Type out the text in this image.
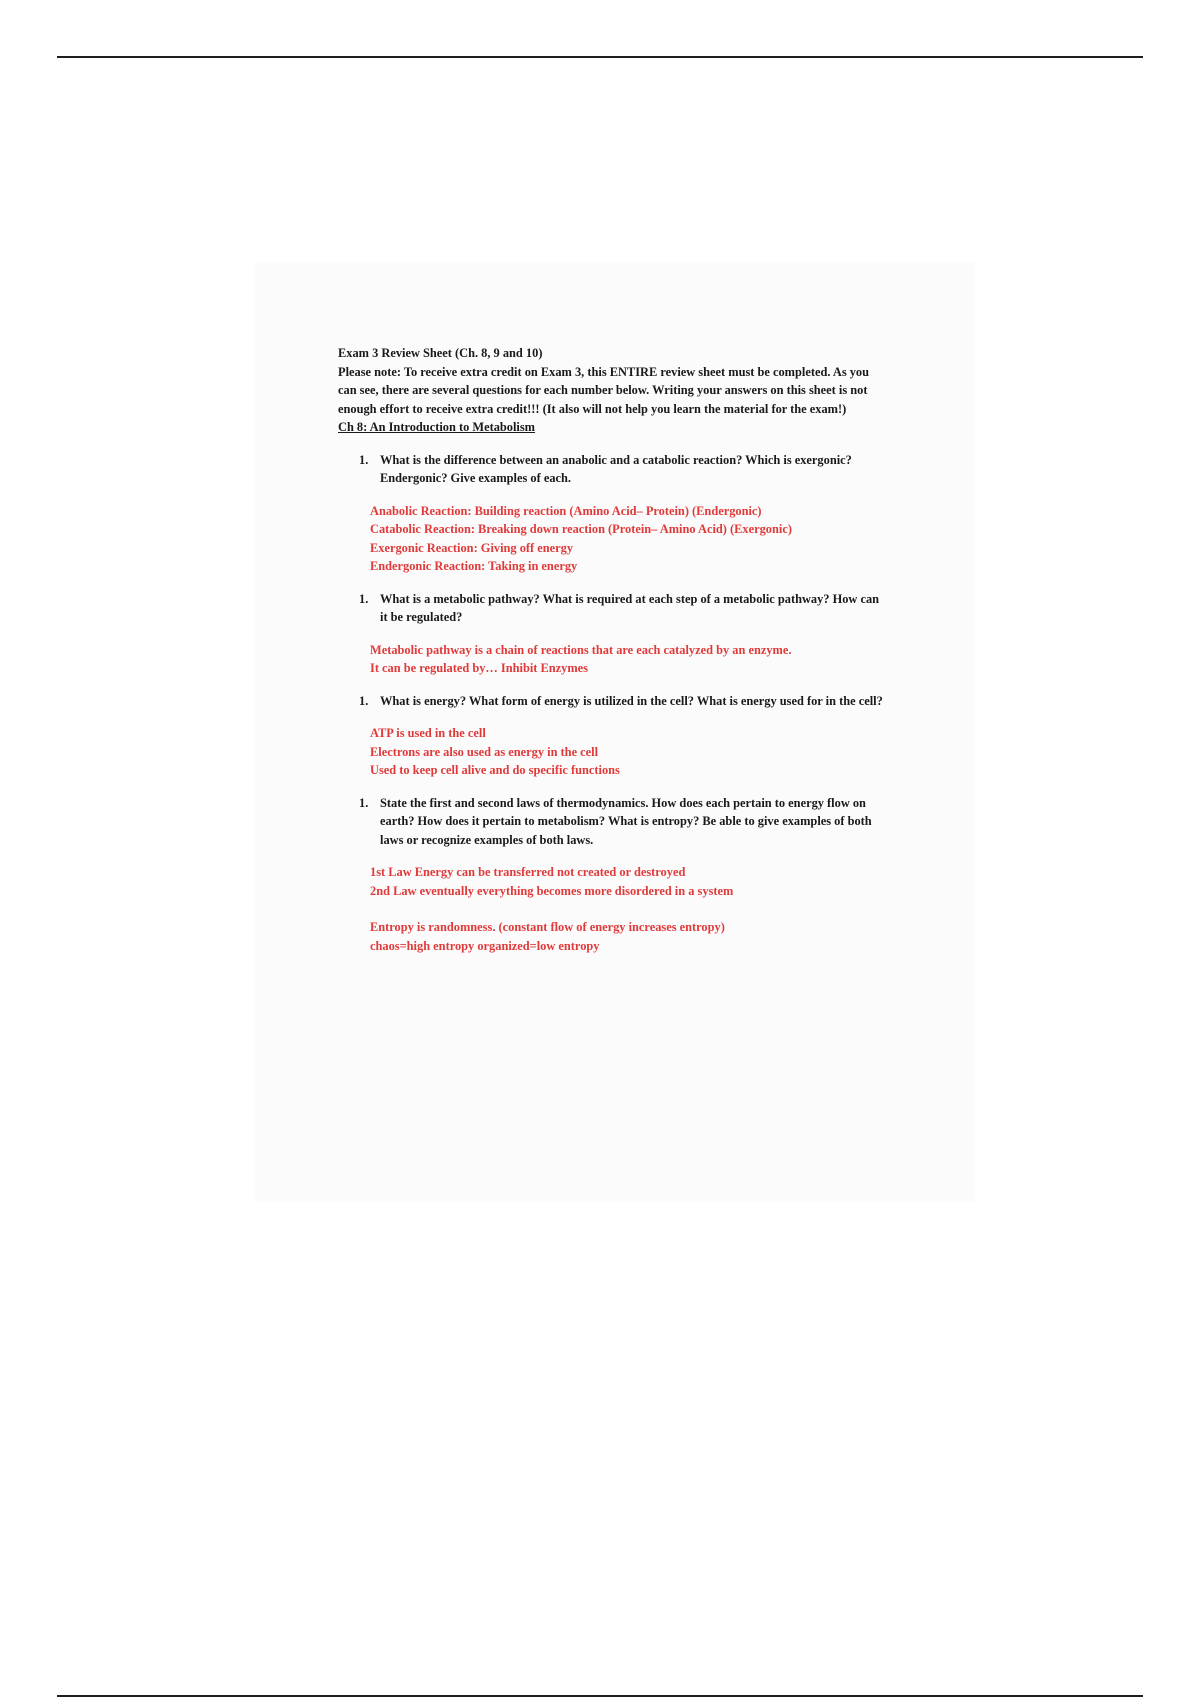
Exam 3 Review Sheet (Ch. 8, 9 and 10)

Please note: To receive extra credit on Exam 3, this ENTIRE review sheet must be completed. As you can see, there are several questions for each number below. Writing your answers on this sheet is not enough effort to receive extra credit!!! (It also will not help you learn the material for the exam!)

Ch 8: An Introduction to Metabolism

1. What is the difference between an anabolic and a catabolic reaction? Which is exergonic? Endergonic? Give examples of each.
Anabolic Reaction: Building reaction (Amino Acid– Protein) (Endergonic)
Catabolic Reaction: Breaking down reaction (Protein– Amino Acid) (Exergonic)
Exergonic Reaction: Giving off energy
Endergonic Reaction: Taking in energy
1. What is a metabolic pathway? What is required at each step of a metabolic pathway? How can it be regulated?
Metabolic pathway is a chain of reactions that are each catalyzed by an enzyme.
It can be regulated by… Inhibit Enzymes
1. What is energy? What form of energy is utilized in the cell? What is energy used for in the cell?
ATP is used in the cell
Electrons are also used as energy in the cell
Used to keep cell alive and do specific functions
1. State the first and second laws of thermodynamics. How does each pertain to energy flow on earth? How does it pertain to metabolism? What is entropy? Be able to give examples of both laws or recognize examples of both laws.
1st Law Energy can be transferred not created or destroyed
2nd Law eventually everything becomes more disordered in a system
Entropy is randomness. (constant flow of energy increases entropy)
chaos=high entropy organized=low entropy
